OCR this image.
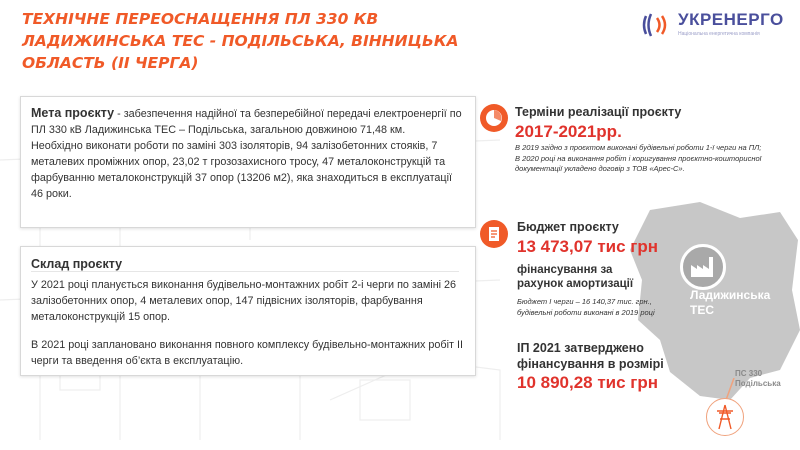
ТЕХНІЧНЕ ПЕРЕОСНАЩЕННЯ ПЛ 330 КВ
ЛАДИЖИНСЬКА ТЕС - ПОДІЛЬСЬКА, ВІННИЦЬКА
ОБЛАСТЬ (ІІ ЧЕРГА)
УКРЕНЕРГО
Національна енергетична компанія
Мета проєкту - забезпечення надійної та безперебійної передачі електроенергії по ПЛ 330 кВ Ладижинська ТЕС – Подільська, загальною довжиною 71,48 км.
Необхідно виконати роботи по заміні 303 ізоляторів, 94 залізобетонних стояків, 7 металевих проміжних опор, 23,02 т грозозахисного тросу, 47 металоконструкцій та фарбуванню металоконструкцій 37 опор (13206 м2), яка знаходиться в експлуатації 46 роки.
Склад проєкту

У 2021 році планується виконання будівельно-монтажних робіт 2-і черги по заміні 26 залізобетонних опор, 4 металевих опор, 147 підвісних ізоляторів, фарбування металоконструкцій 15 опор.

В 2021 році заплановано виконання повного комплексу будівельно-монтажних робіт ІІ черги та введення об’єкта в експлуатацію.

Терміни реалізації проєкту
2017-2021рр.
В 2019 згідно з проєктом виконані будівельні роботи 1-ї черги на ПЛ;
В 2020 році на виконання робіт і коригування проєктно-кошторисної документації укладено договір з ТОВ «Арес-С».
Ладижинська
ТЕС
ПС 330
Подільська
Бюджет проєкту
13 473,07 тис грн
фінансування за
рахунок амортизації
Бюджет І черги – 16 140,37 тис. грн.,
будівельні роботи виконані в 2019 році
ІП 2021 затверджено
фінансування в розмірі
10 890,28 тис грн
